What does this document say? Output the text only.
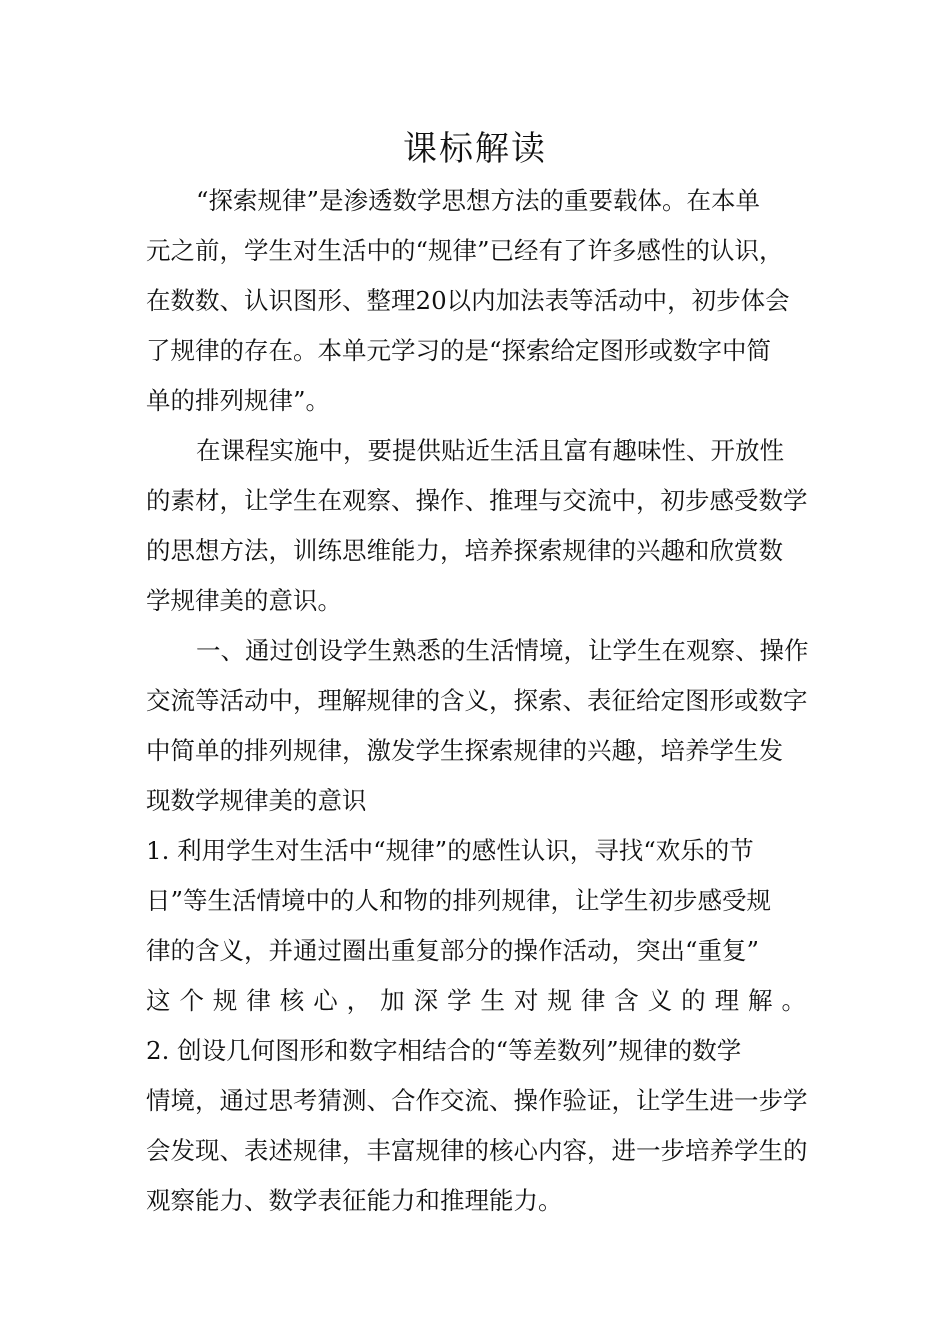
课标解读

“探索规律”是渗透数学思想方法的重要载体。在本单

元之前，学生对生活中的“规律”已经有了许多感性的认识，

在数数、认识图形、整理20以内加法表等活动中，初步体会

了规律的存在。本单元学习的是“探索给定图形或数字中简

单的排列规律”。

在课程实施中，要提供贴近生活且富有趣味性、开放性

的素材，让学生在观察、操作、推理与交流中，初步感受数学

的思想方法，训练思维能力，培养探索规律的兴趣和欣赏数

学规律美的意识。

一、通过创设学生熟悉的生活情境，让学生在观察、操作

交流等活动中，理解规律的含义，探索、表征给定图形或数字

中简单的排列规律，激发学生探索规律的兴趣，培养学生发

现数学规律美的意识

1. 利用学生对生活中“规律”的感性认识，寻找“欢乐的节

日”等生活情境中的人和物的排列规律，让学生初步感受规

律的含义，并通过圈出重复部分的操作活动，突出“重复”

这个规律核心，加深学生对规律含义的理解。

2. 创设几何图形和数字相结合的“等差数列”规律的数学

情境，通过思考猜测、合作交流、操作验证，让学生进一步学

会发现、表述规律，丰富规律的核心内容，进一步培养学生的

观察能力、数学表征能力和推理能力。
